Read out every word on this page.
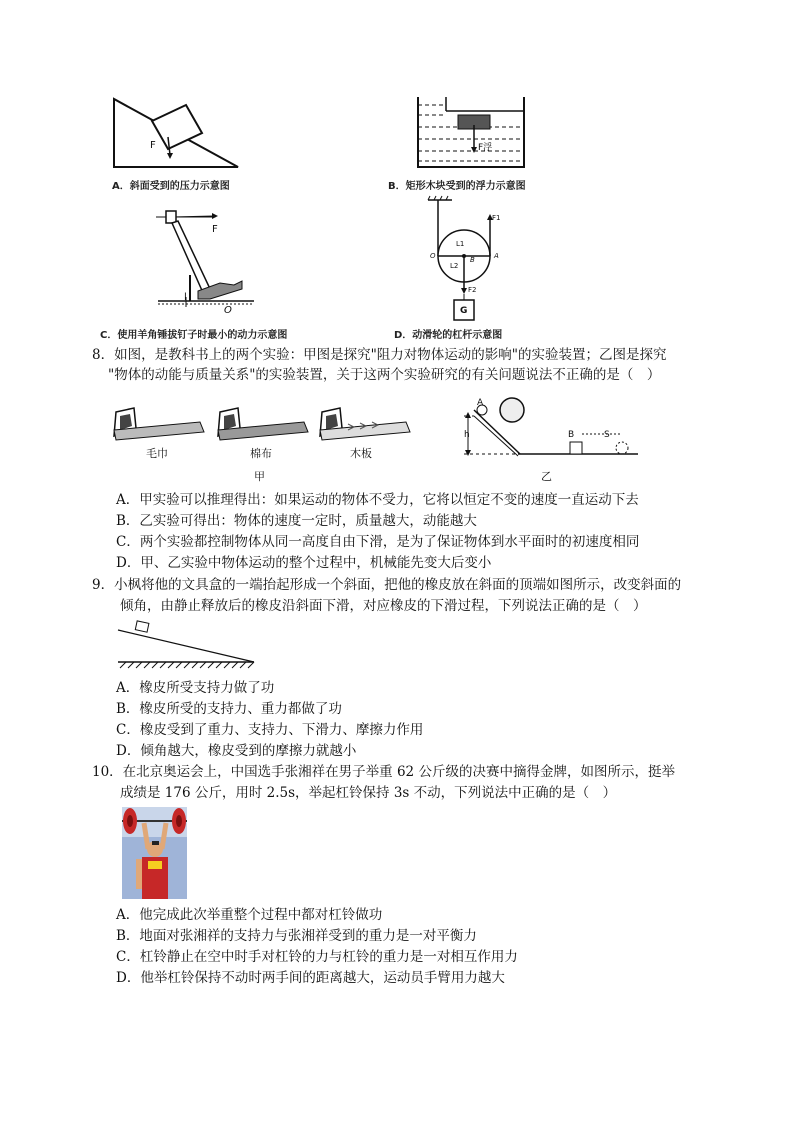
F
A．斜面受到的压力示意图
F浮
B．矩形木块受到的浮力示意图
F
O
l
C．使用羊角锤拔钉子时最小的动力示意图
F1
F2
L1
L2
O	A
B
G
D．动滑轮的杠杆示意图
8．如图，是教科书上的两个实验：甲图是探究"阻力对物体运动的影响"的实验装置；乙图是探究
"物体的动能与质量关系"的实验装置，关于这两个实验研究的有关问题说法不正确的是（　）
毛巾	棉布	木板
甲
A
h	B	S
乙
A．甲实验可以推理得出：如果运动的物体不受力，它将以恒定不变的速度一直运动下去
B．乙实验可得出：物体的速度一定时，质量越大，动能越大
C．两个实验都控制物体从同一高度自由下滑，是为了保证物体到水平面时的初速度相同
D．甲、乙实验中物体运动的整个过程中，机械能先变大后变小
9．小枫将他的文具盒的一端抬起形成一个斜面，把他的橡皮放在斜面的顶端如图所示，改变斜面的
倾角，由静止释放后的橡皮沿斜面下滑，对应橡皮的下滑过程，下列说法正确的是（　）
A．橡皮所受支持力做了功
B．橡皮所受的支持力、重力都做了功
C．橡皮受到了重力、支持力、下滑力、摩擦力作用
D．倾角越大，橡皮受到的摩擦力就越小
10．在北京奥运会上，中国选手张湘祥在男子举重 62 公斤级的决赛中摘得金牌，如图所示，挺举
成绩是 176 公斤，用时 2.5s，举起杠铃保持 3s 不动，下列说法中正确的是（　）
A．他完成此次举重整个过程中都对杠铃做功
B．地面对张湘祥的支持力与张湘祥受到的重力是一对平衡力
C．杠铃静止在空中时手对杠铃的力与杠铃的重力是一对相互作用力
D．他举杠铃保持不动时两手间的距离越大，运动员手臂用力越大
